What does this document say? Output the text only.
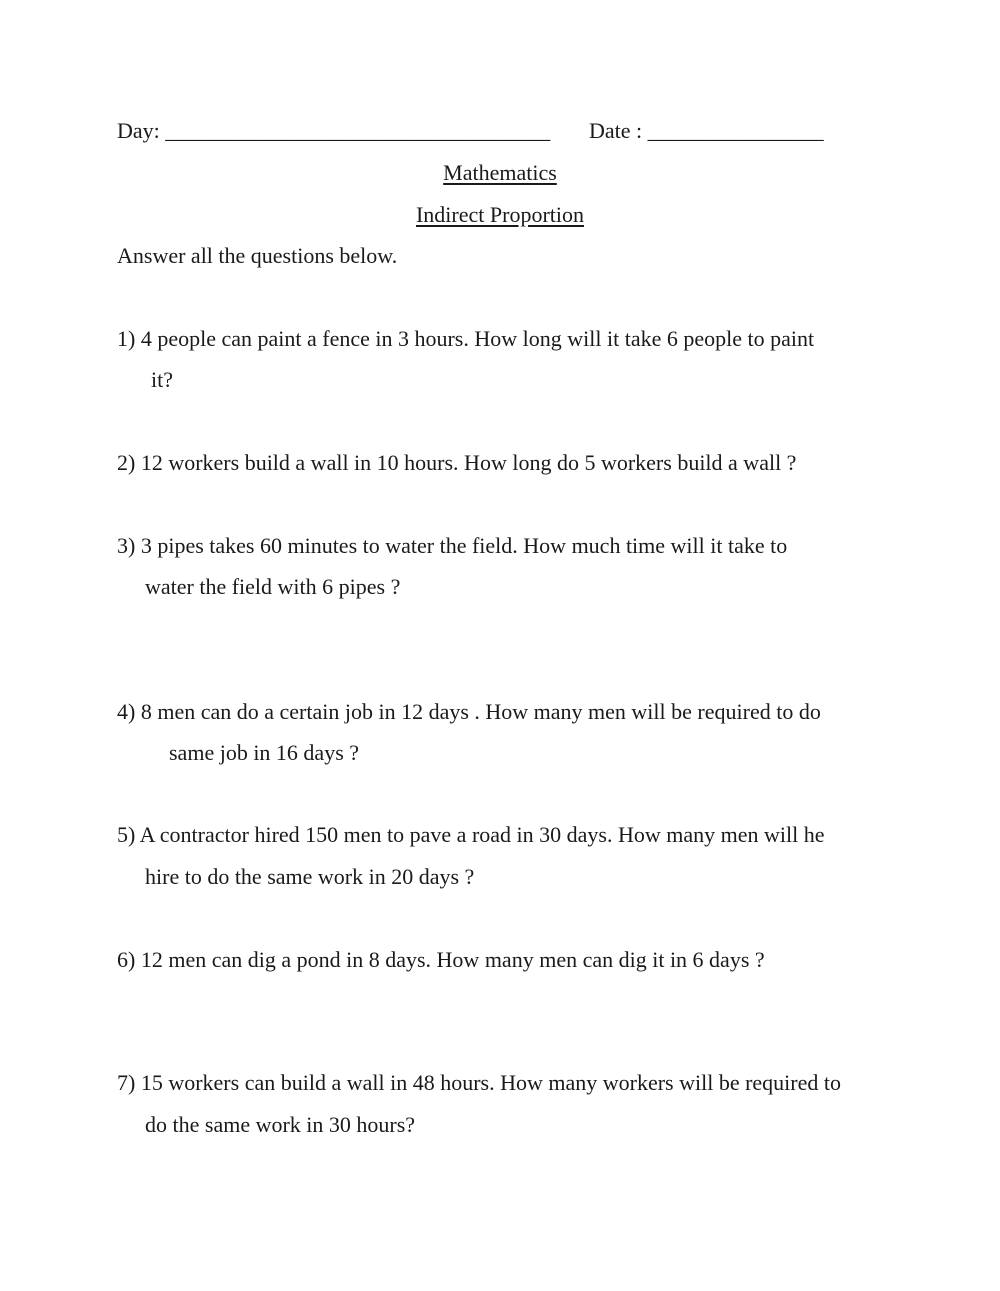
Day: ___________________________________ Date : ________________
Mathematics
Indirect Proportion
Answer all the questions below.
1) 4 people can paint a fence in 3 hours. How long will it take 6 people to paint
it?
2) 12 workers build a wall in 10 hours. How long do 5 workers build a wall ?
3) 3 pipes takes 60 minutes to water the field. How much time will it take to
water the field with 6 pipes ?
4) 8 men can do a certain job in 12 days . How many men will be required to do
same job in 16 days ?
5) A contractor hired 150 men to pave a road in 30 days. How many men will he
hire to do the same work in 20 days ?
6) 12 men can dig a pond in 8 days. How many men can dig it in 6 days ?
7) 15 workers can build a wall in 48 hours. How many workers will be required to
do the same work in 30 hours?
